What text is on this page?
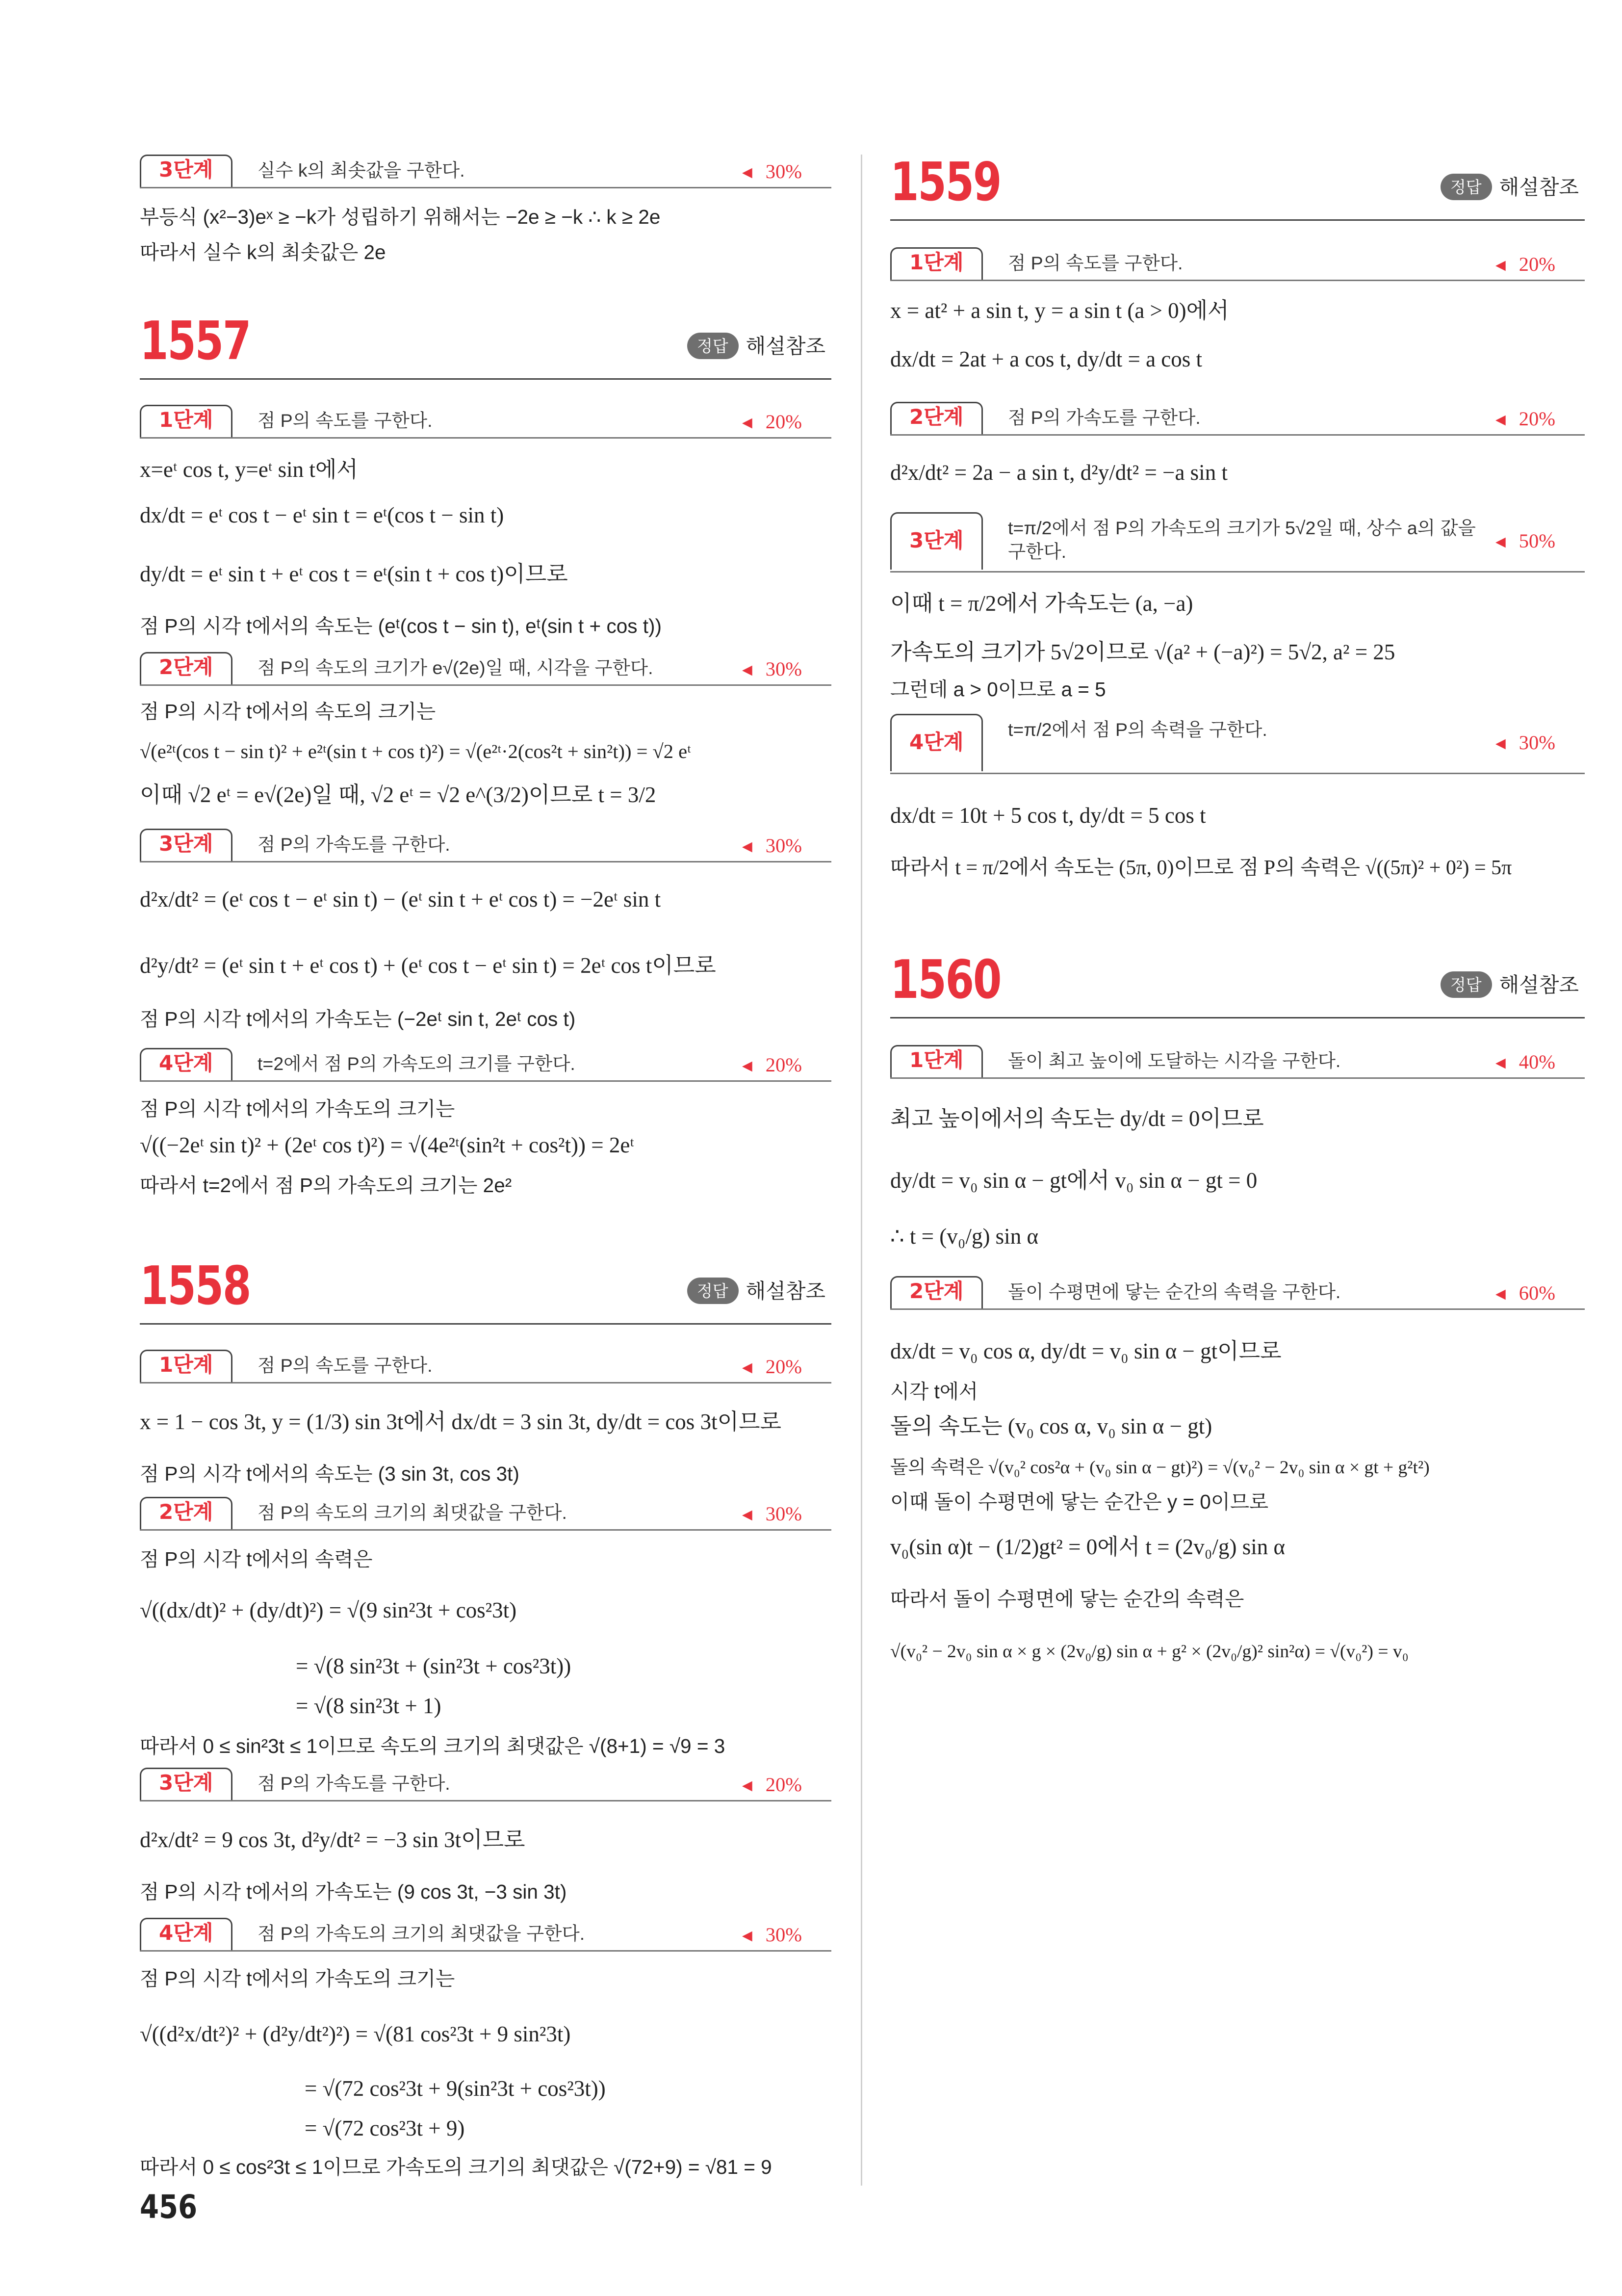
3단계	실수 k의 최솟값을 구한다.	◀ 30%
부등식 (x²−3)eˣ ≥ −k가 성립하기 위해서는 −2e ≥ −k ∴ k ≥ 2e
따라서 실수 k의 최솟값은 2e
1557	정답	해설참조
1단계	점 P의 속도를 구한다.	◀ 20%
x=eᵗ cos t, y=eᵗ sin t에서
dx/dt = eᵗ cos t − eᵗ sin t = eᵗ(cos t − sin t)
dy/dt = eᵗ sin t + eᵗ cos t = eᵗ(sin t + cos t)이므로
점 P의 시각 t에서의 속도는 (eᵗ(cos t − sin t), eᵗ(sin t + cos t))
2단계	점 P의 속도의 크기가 e√(2e)일 때, 시각을 구한다.	◀ 30%
점 P의 시각 t에서의 속도의 크기는
√(e²ᵗ(cos t − sin t)² + e²ᵗ(sin t + cos t)²) = √(e²ᵗ·2(cos²t + sin²t)) = √2 eᵗ
이때 √2 eᵗ = e√(2e)일 때, √2 eᵗ = √2 e^(3/2)이므로 t = 3/2
3단계	점 P의 가속도를 구한다.	◀ 30%
d²x/dt² = (eᵗ cos t − eᵗ sin t) − (eᵗ sin t + eᵗ cos t) = −2eᵗ sin t
d²y/dt² = (eᵗ sin t + eᵗ cos t) + (eᵗ cos t − eᵗ sin t) = 2eᵗ cos t이므로
점 P의 시각 t에서의 가속도는 (−2eᵗ sin t, 2eᵗ cos t)
4단계	t=2에서 점 P의 가속도의 크기를 구한다.	◀ 20%
점 P의 시각 t에서의 가속도의 크기는
√((−2eᵗ sin t)² + (2eᵗ cos t)²) = √(4e²ᵗ(sin²t + cos²t)) = 2eᵗ
따라서 t=2에서 점 P의 가속도의 크기는 2e²
1558	정답	해설참조
1단계	점 P의 속도를 구한다.	◀ 20%
x = 1 − cos 3t, y = (1/3) sin 3t에서 dx/dt = 3 sin 3t, dy/dt = cos 3t이므로
점 P의 시각 t에서의 속도는 (3 sin 3t, cos 3t)
2단계	점 P의 속도의 크기의 최댓값을 구한다.	◀ 30%
점 P의 시각 t에서의 속력은
√((dx/dt)² + (dy/dt)²) = √(9 sin²3t + cos²3t)
= √(8 sin²3t + (sin²3t + cos²3t))
= √(8 sin²3t + 1)
따라서 0 ≤ sin²3t ≤ 1이므로 속도의 크기의 최댓값은 √(8+1) = √9 = 3
3단계	점 P의 가속도를 구한다.	◀ 20%
d²x/dt² = 9 cos 3t, d²y/dt² = −3 sin 3t이므로
점 P의 시각 t에서의 가속도는 (9 cos 3t, −3 sin 3t)
4단계	점 P의 가속도의 크기의 최댓값을 구한다.	◀ 30%
점 P의 시각 t에서의 가속도의 크기는
√((d²x/dt²)² + (d²y/dt²)²) = √(81 cos²3t + 9 sin²3t)
= √(72 cos²3t + 9(sin²3t + cos²3t))
= √(72 cos²3t + 9)
따라서 0 ≤ cos²3t ≤ 1이므로 가속도의 크기의 최댓값은 √(72+9) = √81 = 9
1559	정답	해설참조
1단계	점 P의 속도를 구한다.	◀ 20%
x = at² + a sin t, y = a sin t (a > 0)에서
dx/dt = 2at + a cos t, dy/dt = a cos t
2단계	점 P의 가속도를 구한다.	◀ 20%
d²x/dt² = 2a − a sin t, d²y/dt² = −a sin t
3단계
t=π/2에서 점 P의 가속도의 크기가 5√2일 때, 상수 a의 값을 구한다.	◀ 50%
이때 t = π/2에서 가속도는 (a, −a)
가속도의 크기가 5√2이므로 √(a² + (−a)²) = 5√2, a² = 25
그런데 a > 0이므로 a = 5
4단계
t=π/2에서 점 P의 속력을 구한다.
◀ 30%
dx/dt = 10t + 5 cos t, dy/dt = 5 cos t
따라서 t = π/2에서 속도는 (5π, 0)이므로 점 P의 속력은 √((5π)² + 0²) = 5π
1560	정답	해설참조
1단계	돌이 최고 높이에 도달하는 시각을 구한다.	◀ 40%
최고 높이에서의 속도는 dy/dt = 0이므로
dy/dt = v₀ sin α − gt에서 v₀ sin α − gt = 0
∴ t = (v₀/g) sin α
2단계	돌이 수평면에 닿는 순간의 속력을 구한다.	◀ 60%
dx/dt = v₀ cos α, dy/dt = v₀ sin α − gt이므로
시각 t에서
돌의 속도는 (v₀ cos α, v₀ sin α − gt)
돌의 속력은 √(v₀² cos²α + (v₀ sin α − gt)²) = √(v₀² − 2v₀ sin α × gt + g²t²)
이때 돌이 수평면에 닿는 순간은 y = 0이므로
v₀(sin α)t − (1/2)gt² = 0에서 t = (2v₀/g) sin α
따라서 돌이 수평면에 닿는 순간의 속력은
√(v₀² − 2v₀ sin α × g × (2v₀/g) sin α + g² × (2v₀/g)² sin²α) = √(v₀²) = v₀
456
